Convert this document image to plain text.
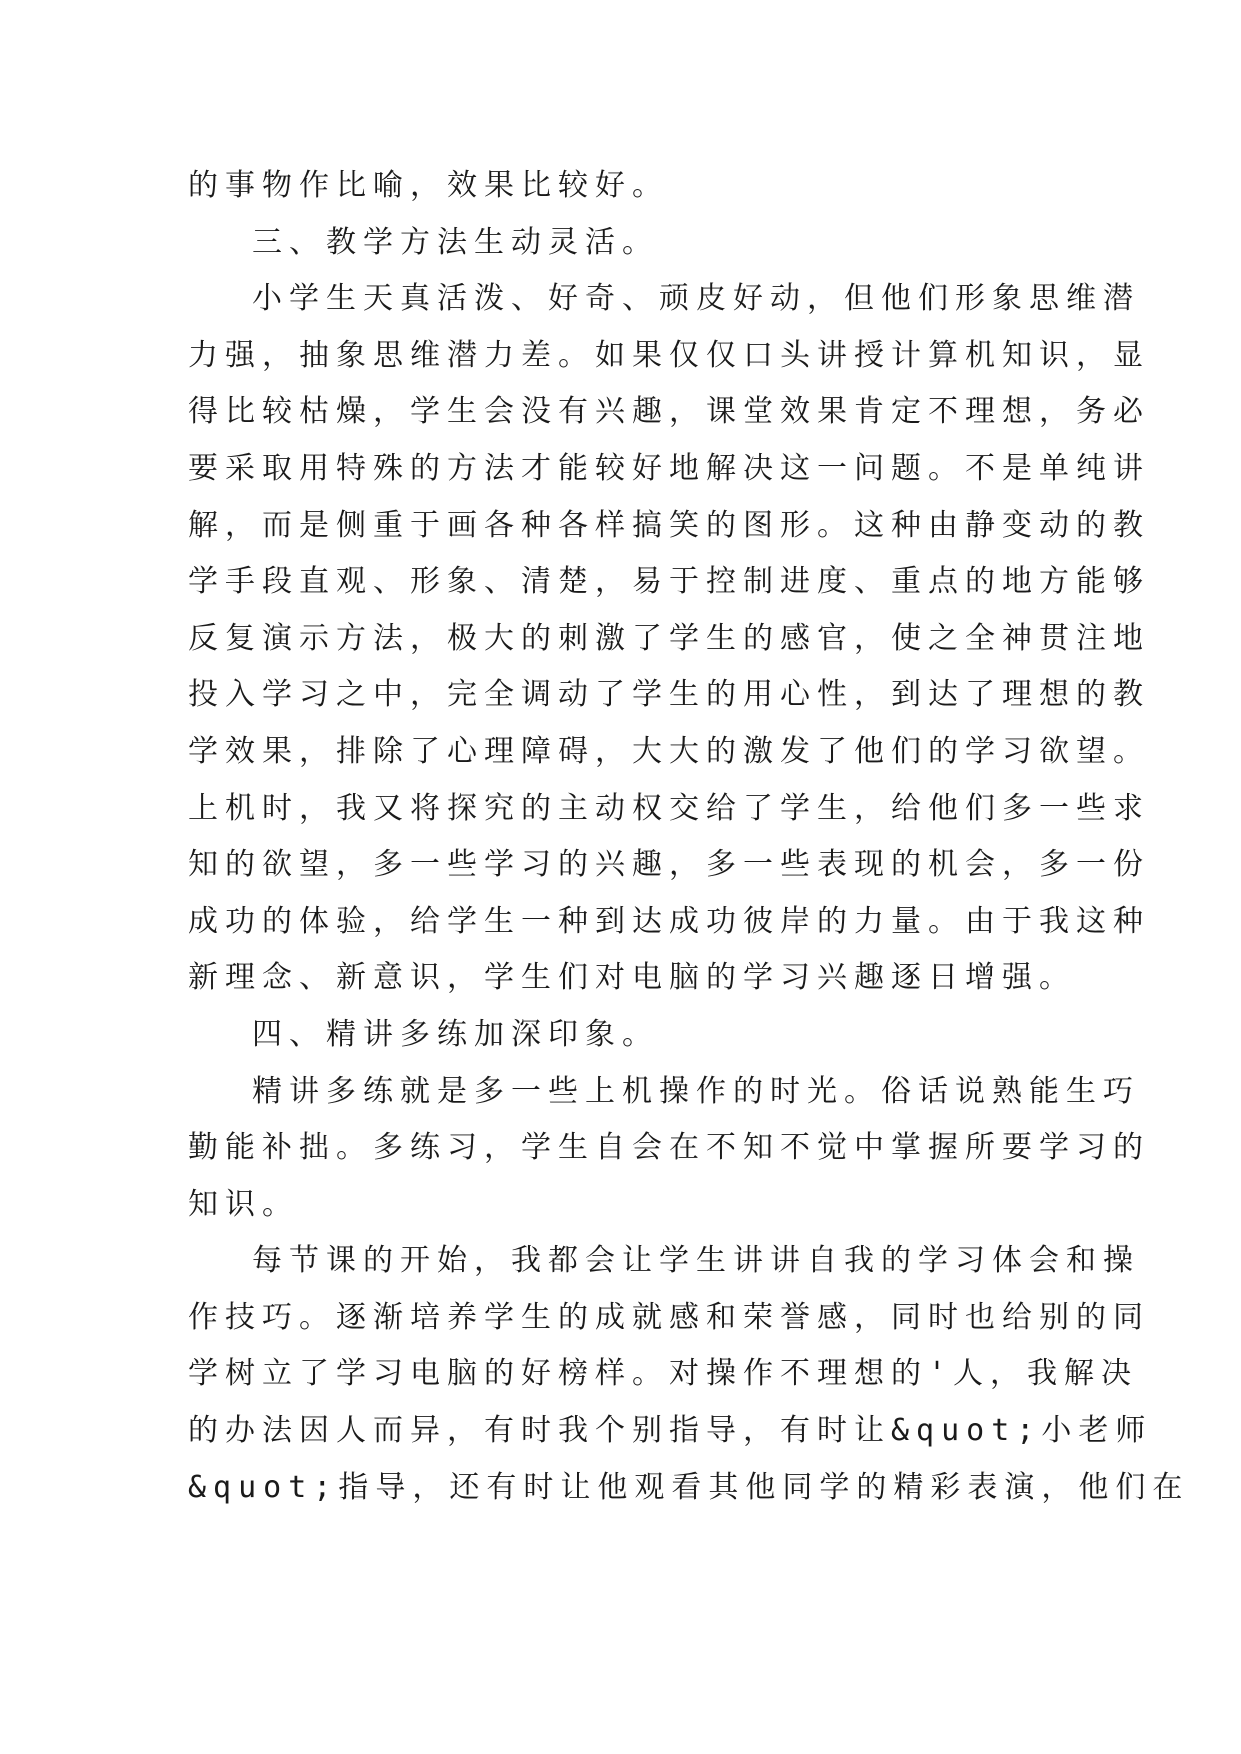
的事物作比喻，效果比较好。
三、教学方法生动灵活。
小学生天真活泼、好奇、顽皮好动，但他们形象思维潜
力强，抽象思维潜力差。如果仅仅口头讲授计算机知识，显
得比较枯燥，学生会没有兴趣，课堂效果肯定不理想，务必
要采取用特殊的方法才能较好地解决这一问题。不是单纯讲
解，而是侧重于画各种各样搞笑的图形。这种由静变动的教
学手段直观、形象、清楚，易于控制进度、重点的地方能够
反复演示方法，极大的刺激了学生的感官，使之全神贯注地
投入学习之中，完全调动了学生的用心性，到达了理想的教
学效果，排除了心理障碍，大大的激发了他们的学习欲望。
上机时，我又将探究的主动权交给了学生，给他们多一些求
知的欲望，多一些学习的兴趣，多一些表现的机会，多一份
成功的体验，给学生一种到达成功彼岸的力量。由于我这种
新理念、新意识，学生们对电脑的学习兴趣逐日增强。
四、精讲多练加深印象。
精讲多练就是多一些上机操作的时光。俗话说熟能生巧
勤能补拙。多练习，学生自会在不知不觉中掌握所要学习的
知识。
每节课的开始，我都会让学生讲讲自我的学习体会和操
作技巧。逐渐培养学生的成就感和荣誉感，同时也给别的同
学树立了学习电脑的好榜样。对操作不理想的'人，我解决
的办法因人而异，有时我个别指导，有时让&quot;小老师
&quot;指导，还有时让他观看其他同学的精彩表演，他们在
